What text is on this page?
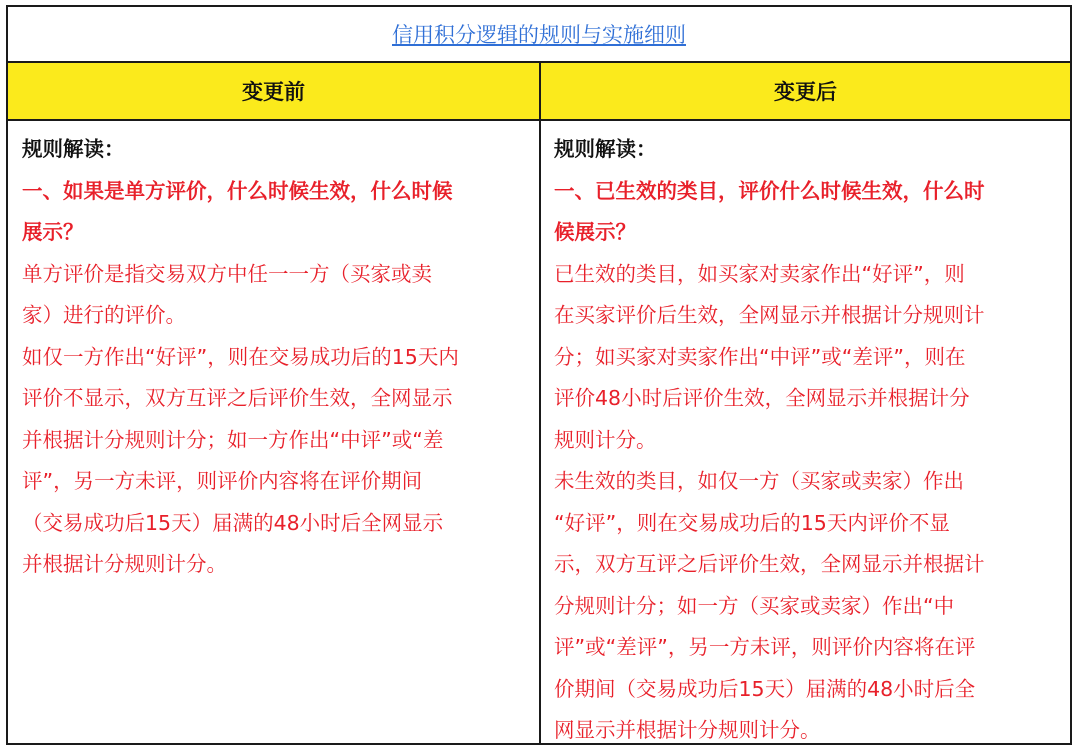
信用积分逻辑的规则与实施细则
变更前	变更后
规则解读：
一、如果是单方评价，什么时候生效，什么时候
展示？
单方评价是指交易双方中任一一方（买家或卖
家）进行的评价。
如仅一方作出“好评”，则在交易成功后的15天内
评价不显示，双方互评之后评价生效，全网显示
并根据计分规则计分；如一方作出“中评”或“差
评”，另一方未评，则评价内容将在评价期间
（交易成功后15天）届满的48小时后全网显示
并根据计分规则计分。
规则解读：
一、已生效的类目，评价什么时候生效，什么时
候展示？
已生效的类目，如买家对卖家作出“好评”，则
在买家评价后生效，全网显示并根据计分规则计
分；如买家对卖家作出“中评”或“差评”，则在
评价48小时后评价生效，全网显示并根据计分
规则计分。
未生效的类目，如仅一方（买家或卖家）作出
“好评”，则在交易成功后的15天内评价不显
示，双方互评之后评价生效，全网显示并根据计
分规则计分；如一方（买家或卖家）作出“中
评”或“差评”，另一方未评，则评价内容将在评
价期间（交易成功后15天）届满的48小时后全
网显示并根据计分规则计分。
